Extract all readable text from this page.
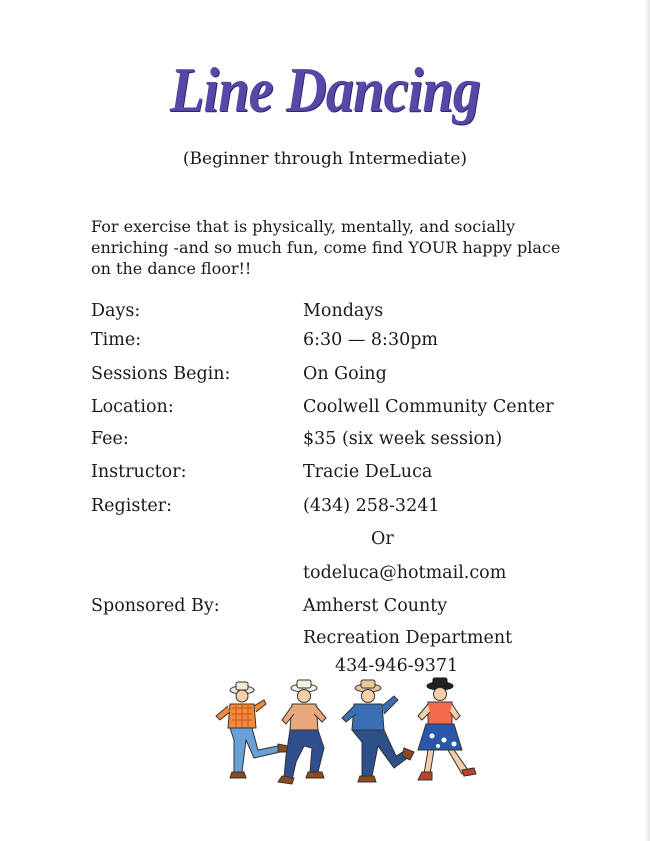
Line Dancing
(Beginner through Intermediate)
For exercise that is physically, mentally, and socially enriching -and so much fun, come find YOUR happy place on the dance floor!!
Days:	Mondays
Time:	6:30 — 8:30pm
Sessions Begin:	On Going
Location:	Coolwell Community Center
Fee:	$35 (six week session)
Instructor:	Tracie DeLuca
Register:	(434) 258-3241
Or
todeluca@hotmail.com
Sponsored By:	Amherst County
Recreation Department
434-946-9371
